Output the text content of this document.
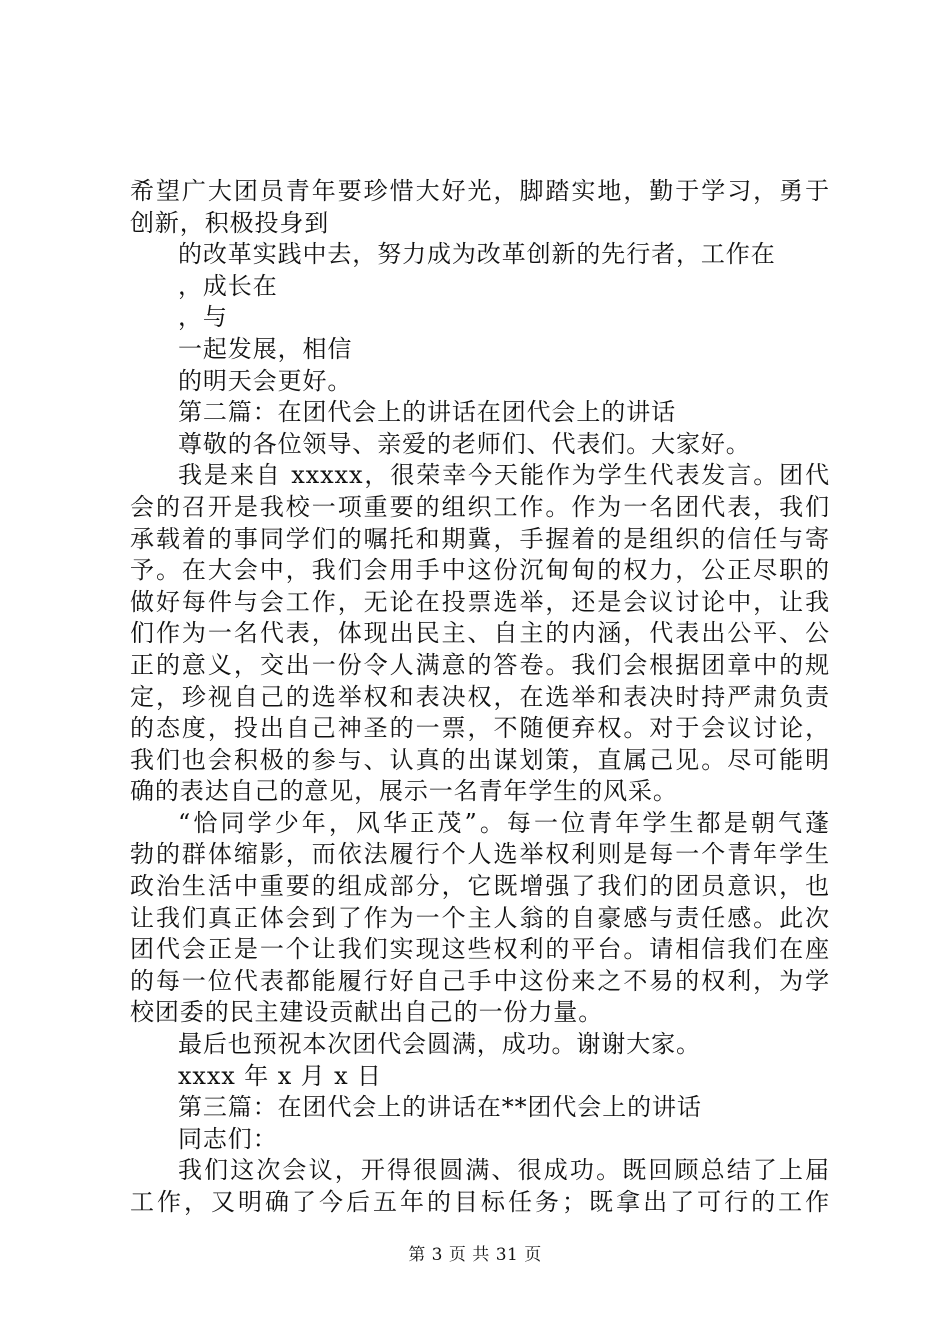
希望广大团员青年要珍惜大好光，脚踏实地，勤于学习，勇于
创新，积极投身到
的改革实践中去，努力成为改革创新的先行者，工作在
，成长在
，与
一起发展，相信
的明天会更好。
第二篇：在团代会上的讲话在团代会上的讲话
尊敬的各位领导、亲爱的老师们、代表们。大家好。
我是来自 xxxxx，很荣幸今天能作为学生代表发言。团代
会的召开是我校一项重要的组织工作。作为一名团代表，我们
承载着的事同学们的嘱托和期冀，手握着的是组织的信任与寄
予。在大会中，我们会用手中这份沉甸甸的权力，公正尽职的
做好每件与会工作，无论在投票选举，还是会议讨论中，让我
们作为一名代表，体现出民主、自主的内涵，代表出公平、公
正的意义，交出一份令人满意的答卷。我们会根据团章中的规
定，珍视自己的选举权和表决权，在选举和表决时持严肃负责
的态度，投出自己神圣的一票，不随便弃权。对于会议讨论，
我们也会积极的参与、认真的出谋划策，直属己见。尽可能明
确的表达自己的意见，展示一名青年学生的风采。
“恰同学少年，风华正茂”。每一位青年学生都是朝气蓬
勃的群体缩影，而依法履行个人选举权利则是每一个青年学生
政治生活中重要的组成部分，它既增强了我们的团员意识，也
让我们真正体会到了作为一个主人翁的自豪感与责任感。此次
团代会正是一个让我们实现这些权利的平台。请相信我们在座
的每一位代表都能履行好自己手中这份来之不易的权利，为学
校团委的民主建设贡献出自己的一份力量。
最后也预祝本次团代会圆满，成功。谢谢大家。
xxxx 年 x 月 x 日
第三篇：在团代会上的讲话在**团代会上的讲话
同志们：
我们这次会议，开得很圆满、很成功。既回顾总结了上届
工作，又明确了今后五年的目标任务；既拿出了可行的工作
第 3 页 共 31 页
